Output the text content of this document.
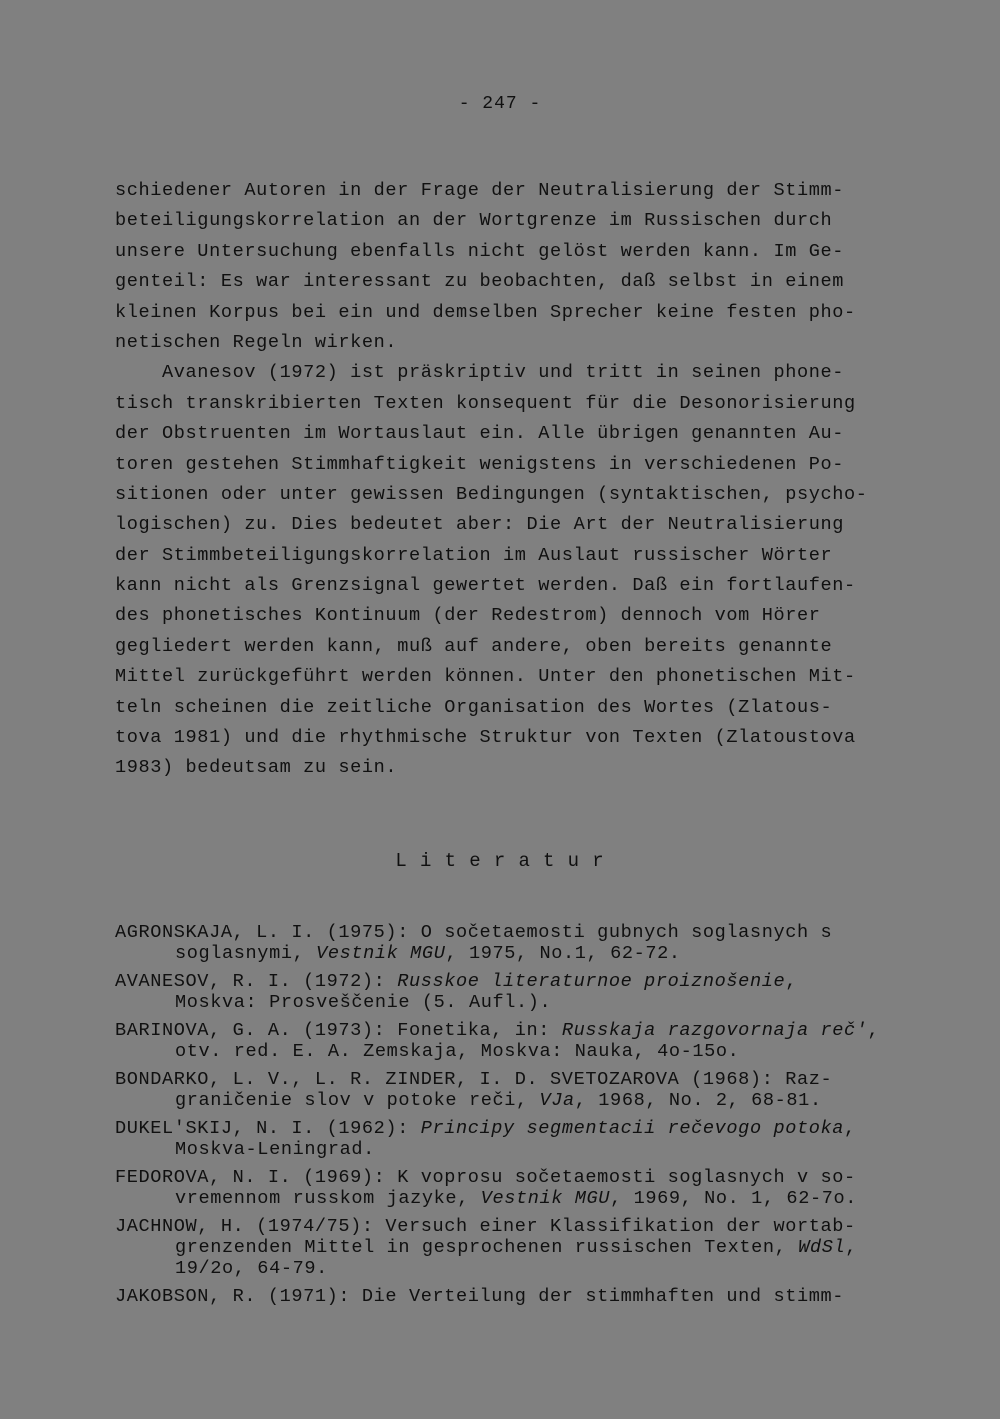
- 247 -
schiedener Autoren in der Frage der Neutralisierung der Stimm-
beteiligungskorrelation an der Wortgrenze im Russischen durch
unsere Untersuchung ebenfalls nicht gelöst werden kann. Im Ge-
genteil: Es war interessant zu beobachten, daß selbst in einem
kleinen Korpus bei ein und demselben Sprecher keine festen pho-
netischen Regeln wirken.
Avanesov (1972) ist präskriptiv und tritt in seinen phone-
tisch transkribierten Texten konsequent für die Desonorisierung
der Obstruenten im Wortauslaut ein. Alle übrigen genannten Au-
toren gestehen Stimmhaftigkeit wenigstens in verschiedenen Po-
sitionen oder unter gewissen Bedingungen (syntaktischen, psycho-
logischen) zu. Dies bedeutet aber: Die Art der Neutralisierung
der Stimmbeteiligungskorrelation im Auslaut russischer Wörter
kann nicht als Grenzsignal gewertet werden. Daß ein fortlaufen-
des phonetisches Kontinuum (der Redestrom) dennoch vom Hörer
gegliedert werden kann, muß auf andere, oben bereits genannte
Mittel zurückgeführt werden können. Unter den phonetischen Mit-
teln scheinen die zeitliche Organisation des Wortes (Zlatous-
tova 1981) und die rhythmische Struktur von Texten (Zlatoustova
1983) bedeutsam zu sein.
L i t e r a t u r
AGRONSKAJA, L. I. (1975): O sočetaemosti gubnych soglasnych s
soglasnymi, Vestnik MGU, 1975, No.1, 62-72.
AVANESOV, R. I. (1972): Russkoe literaturnoe proiznošenie,
Moskva: Prosveščenie (5. Aufl.).
BARINOVA, G. A. (1973): Fonetika, in: Russkaja razgovornaja reč',
otv. red. E. A. Zemskaja, Moskva: Nauka, 4o-15o.
BONDARKO, L. V., L. R. ZINDER, I. D. SVETOZAROVA (1968): Raz-
graničenie slov v potoke reči, VJa, 1968, No. 2, 68-81.
DUKEL'SKIJ, N. I. (1962): Principy segmentacii rečevogo potoka,
Moskva-Leningrad.
FEDOROVA, N. I. (1969): K voprosu sočetaemosti soglasnych v so-
vremennom russkom jazyke, Vestnik MGU, 1969, No. 1, 62-7o.
JACHNOW, H. (1974/75): Versuch einer Klassifikation der wortab-
grenzenden Mittel in gesprochenen russischen Texten, WdSl,
19/2o, 64-79.
JAKOBSON, R. (1971): Die Verteilung der stimmhaften und stimm-
